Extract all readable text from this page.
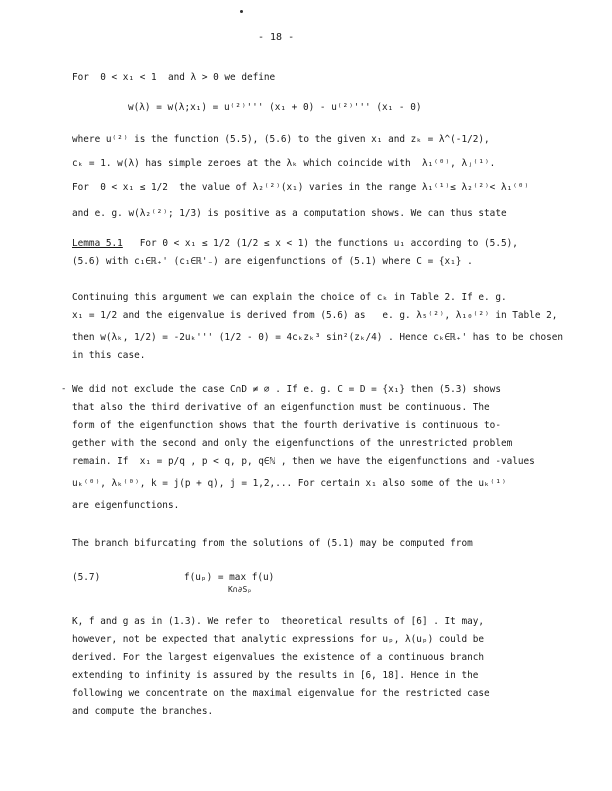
- 18 -
For  0 < x₁ < 1  and λ > 0 we define
w(λ) = w(λ;x₁) = u⁽²⁾''' (x₁ + 0) - u⁽²⁾''' (x₁ - 0)
where u⁽²⁾ is the function (5.5), (5.6) to the given x₁ and zₖ = λ^(-1/2),
cₖ = 1. w(λ) has simple zeroes at the λₖ which coincide with  λ₁⁽⁰⁾, λⱼ⁽¹⁾.
For  0 < x₁ ≤ 1/2  the value of λ₂⁽²⁾(x₁) varies in the range λ₁⁽¹⁾≤ λ₂⁽²⁾< λ₁⁽⁰⁾
and e. g. w(λ₂⁽²⁾; 1/3) is positive as a computation shows. We can thus state
Lemma 5.1   For 0 < x₁ ≤ 1/2 (1/2 ≤ x < 1) the functions u₁ according to (5.5),
(5.6) with c₁∈ℝ₊' (c₁∈ℝ'₋) are eigenfunctions of (5.1) where C = {x₁} .
Continuing this argument we can explain the choice of cₖ in Table 2. If e. g.
x₁ = 1/2 and the eigenvalue is derived from (5.6) as   e. g. λ₅⁽²⁾, λ₁₀⁽²⁾ in Table 2,
then w(λₖ, 1/2) = -2uₖ''' (1/2 - 0) = 4cₖzₖ³ sin²(zₖ/4) . Hence cₖ∈ℝ₊' has to be chosen
in this case.
- We did not exclude the case C∩D ≠ ∅ . If e. g. C = D = {x₁} then (5.3) shows
that also the third derivative of an eigenfunction must be continuous. The
form of the eigenfunction shows that the fourth derivative is continuous to-
gether with the second and only the eigenfunctions of the unrestricted problem
remain. If  x₁ = p/q , p < q, p, q∈ℕ , then we have the eigenfunctions and -values
uₖ⁽⁰⁾, λₖ⁽⁰⁾, k = j(p + q), j = 1,2,... For certain x₁ also some of the uₖ⁽¹⁾
are eigenfunctions.
The branch bifurcating from the solutions of (5.1) may be computed from
(5.7)	f(uₚ) = max f(u)
K∩∂Sₚ
K, f and g as in (1.3). We refer to  theoretical results of [6] . It may,
however, not be expected that analytic expressions for uₚ, λ(uₚ) could be
derived. For the largest eigenvalues the existence of a continuous branch
extending to infinity is assured by the results in [6, 18]. Hence in the
following we concentrate on the maximal eigenvalue for the restricted case
and compute the branches.
